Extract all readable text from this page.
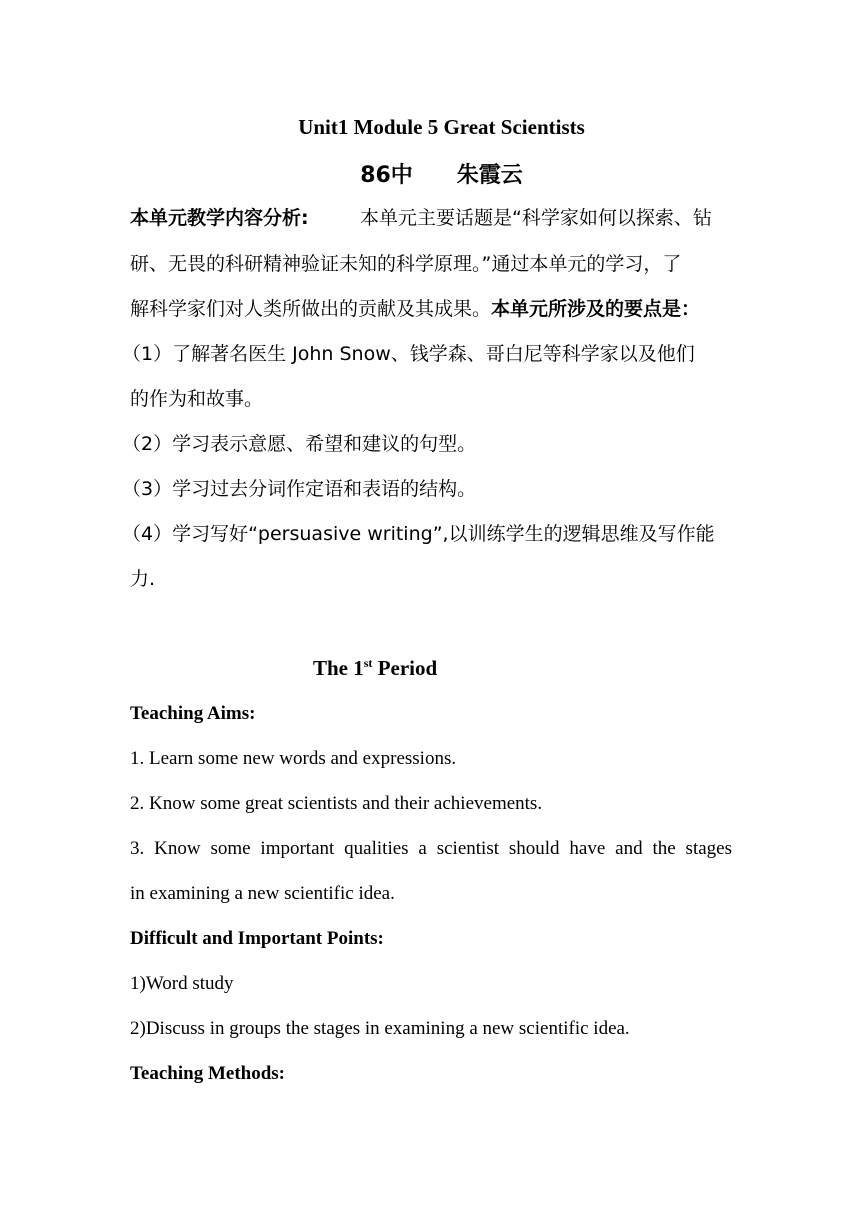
Unit1 Module 5 Great Scientists
86中　　朱霞云
本单元教学内容分析:	本单元主要话题是“科学家如何以探索、钻
研、无畏的科研精神验证未知的科学原理。”通过本单元的学习，了
解科学家们对人类所做出的贡献及其成果。本单元所涉及的要点是：
（1）了解著名医生 John Snow、钱学森、哥白尼等科学家以及他们
的作为和故事。
（2）学习表示意愿、希望和建议的句型。
（3）学习过去分词作定语和表语的结构。
（4）学习写好“persuasive writing”,以训练学生的逻辑思维及写作能
力.
The 1st Period
Teaching Aims:
1. Learn some new words and expressions.
2. Know some great scientists and their achievements.
3. Know some important qualities a scientist should have and the stages
in examining a new scientific idea.
Difficult and Important Points:
1)Word study
2)Discuss in groups the stages in examining a new scientific idea.
Teaching Methods:
